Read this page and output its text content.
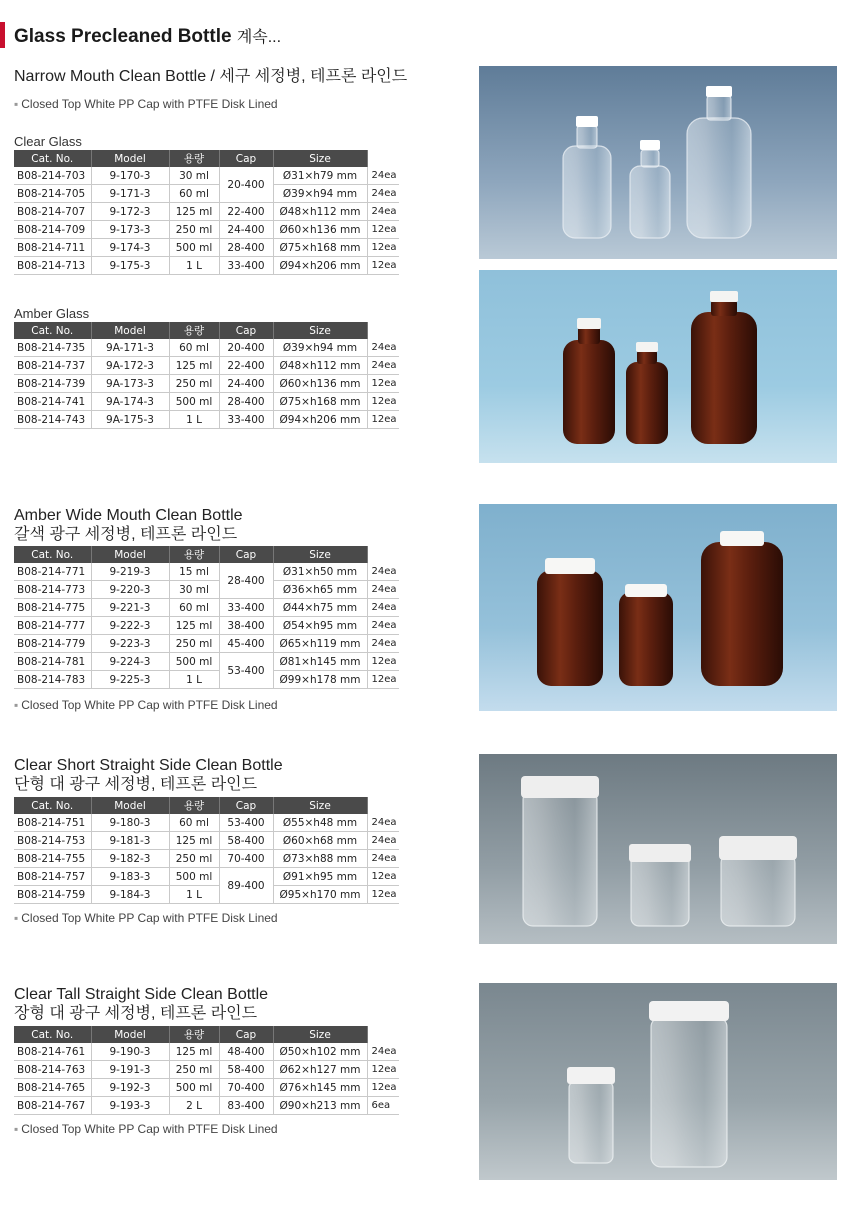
Glass Precleaned Bottle 계속...
Narrow Mouth Clean Bottle / 세구 세정병, 테프론 라인드
▪ Closed Top White PP Cap with PTFE Disk Lined
Clear Glass
Cat. No.	Model	용량	Cap	Size	
B08-214-703	9-170-3	30 ml	20-400	Ø31×h79 mm	24ea
B08-214-705	9-171-3	60 ml		Ø39×h94 mm	24ea
B08-214-707	9-172-3	125 ml	22-400	Ø48×h112 mm	24ea
B08-214-709	9-173-3	250 ml	24-400	Ø60×h136 mm	12ea
B08-214-711	9-174-3	500 ml	28-400	Ø75×h168 mm	12ea
B08-214-713	9-175-3	1 L	33-400	Ø94×h206 mm	12ea
Amber Glass
Cat. No.	Model	용량	Cap	Size	
B08-214-735	9A-171-3	60 ml	20-400	Ø39×h94 mm	24ea
B08-214-737	9A-172-3	125 ml	22-400	Ø48×h112 mm	24ea
B08-214-739	9A-173-3	250 ml	24-400	Ø60×h136 mm	12ea
B08-214-741	9A-174-3	500 ml	28-400	Ø75×h168 mm	12ea
B08-214-743	9A-175-3	1 L	33-400	Ø94×h206 mm	12ea
Amber Wide Mouth Clean Bottle
갈색 광구 세정병, 테프론 라인드
Cat. No.	Model	용량	Cap	Size	
B08-214-771	9-219-3	15 ml	28-400	Ø31×h50 mm	24ea
B08-214-773	9-220-3	30 ml		Ø36×h65 mm	24ea
B08-214-775	9-221-3	60 ml	33-400	Ø44×h75 mm	24ea
B08-214-777	9-222-3	125 ml	38-400	Ø54×h95 mm	24ea
B08-214-779	9-223-3	250 ml	45-400	Ø65×h119 mm	24ea
B08-214-781	9-224-3	500 ml	53-400	Ø81×h145 mm	12ea
B08-214-783	9-225-3	1 L		Ø99×h178 mm	12ea
▪ Closed Top White PP Cap with PTFE Disk Lined
Clear Short Straight Side Clean Bottle
단형 대 광구 세정병, 테프론 라인드
Cat. No.	Model	용량	Cap	Size	
B08-214-751	9-180-3	60 ml	53-400	Ø55×h48 mm	24ea
B08-214-753	9-181-3	125 ml	58-400	Ø60×h68 mm	24ea
B08-214-755	9-182-3	250 ml	70-400	Ø73×h88 mm	24ea
B08-214-757	9-183-3	500 ml	89-400	Ø91×h95 mm	12ea
B08-214-759	9-184-3	1 L		Ø95×h170 mm	12ea
▪ Closed Top White PP Cap with PTFE Disk Lined
Clear Tall Straight Side Clean Bottle
장형 대 광구 세정병, 테프론 라인드
Cat. No.	Model	용량	Cap	Size	
B08-214-761	9-190-3	125 ml	48-400	Ø50×h102 mm	24ea
B08-214-763	9-191-3	250 ml	58-400	Ø62×h127 mm	12ea
B08-214-765	9-192-3	500 ml	70-400	Ø76×h145 mm	12ea
B08-214-767	9-193-3	2 L	83-400	Ø90×h213 mm	6ea
▪ Closed Top White PP Cap with PTFE Disk Lined
